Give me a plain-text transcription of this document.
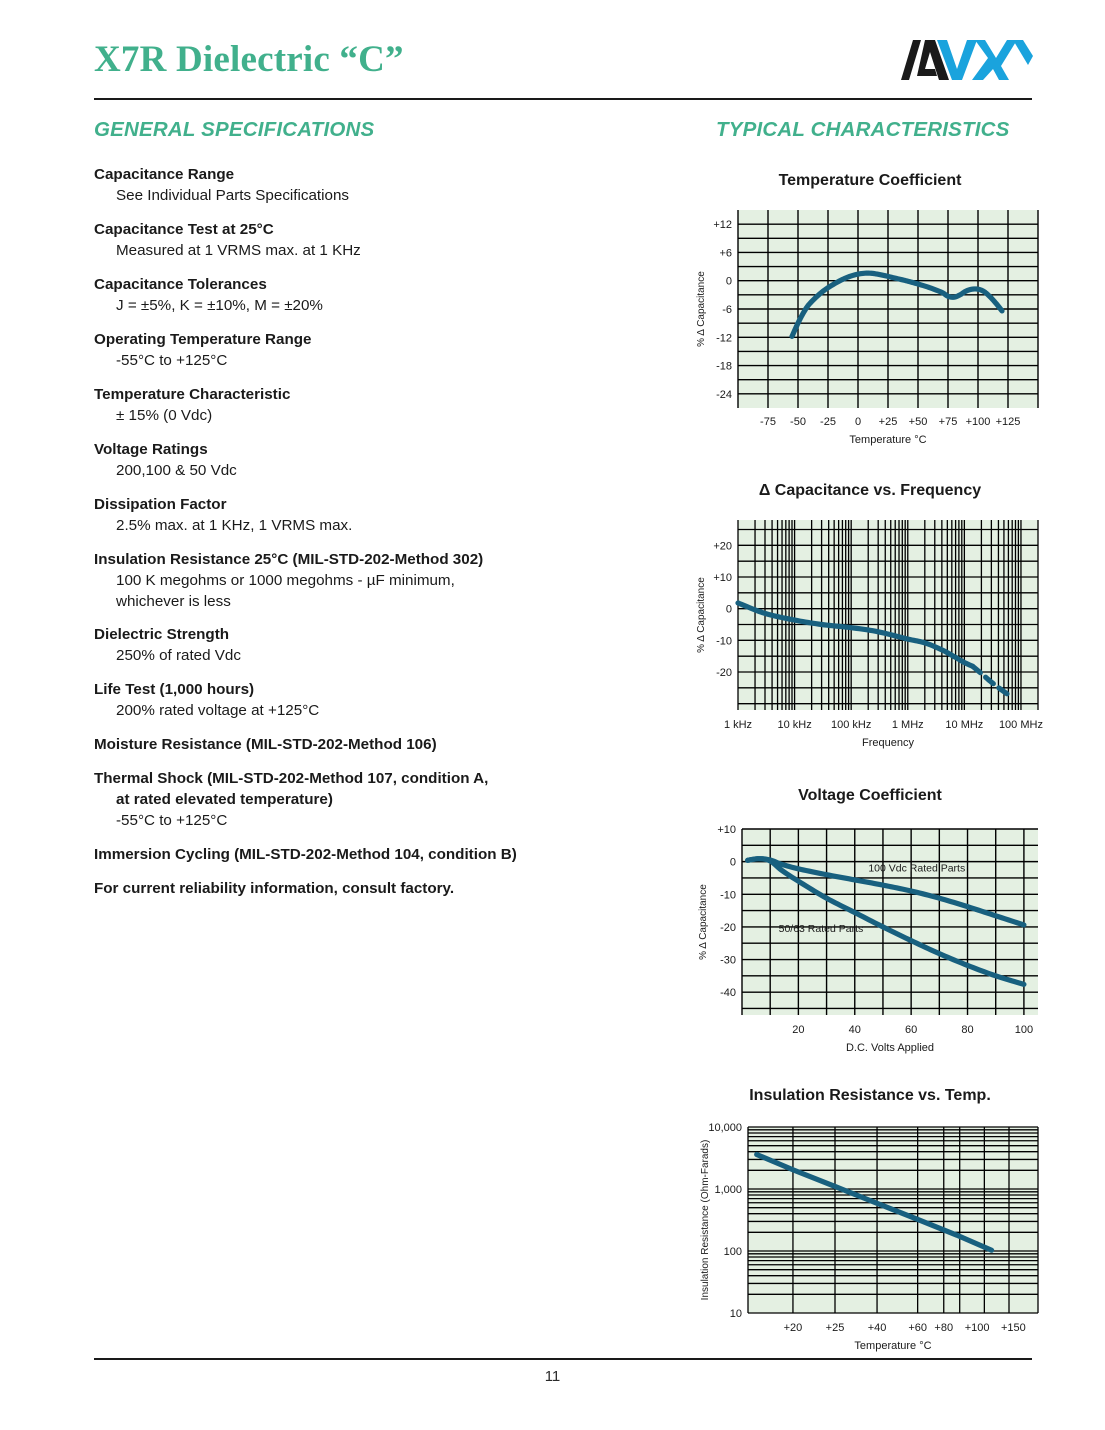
X7R Dielectric “C”
GENERAL SPECIFICATIONS	TYPICAL CHARACTERISTICS
Capacitance Range
See Individual Parts Specifications
Capacitance Test at 25°C
Measured at 1 VRMS max. at 1 KHz
Capacitance Tolerances
J = ±5%, K = ±10%, M = ±20%
Operating Temperature Range
-55°C to +125°C
Temperature Characteristic
± 15% (0 Vdc)
Voltage Ratings
200,100 & 50 Vdc
Dissipation Factor
2.5% max. at 1 KHz, 1 VRMS max.
Insulation Resistance 25°C (MIL-STD-202-Method 302)
100 K megohms or 1000 megohms - µF minimum,
whichever is less
Dielectric Strength
250% of rated Vdc
Life Test (1,000 hours)
200% rated voltage at +125°C
Moisture Resistance (MIL-STD-202-Method 106)
Thermal Shock (MIL-STD-202-Method 107, condition A,
at rated elevated temperature)
-55°C to +125°C
Immersion Cycling (MIL-STD-202-Method 104, condition B)
For current reliability information, consult factory.
Temperature Coefficient
+12
+6
0
-6
-12
-18
-24
-75 -50 -25 0 +25 +50 +75 +100 +125
Temperature °C
% Δ Capacitance
Δ Capacitance vs. Frequency
+20
+10
0
-10
-20
1 kHz 10 kHz 100 kHz 1 MHz 10 MHz 100 MHz
Frequency
% Δ Capacitance
Voltage Coefficient
+10
0
-10
-20
-30
-40
20	40	60	80	100
D.C. Volts Applied
% Δ Capacitance
100 Vdc Rated Parts
50/63 Rated Parts
Insulation Resistance vs. Temp.
10,000
1,000
100
10
+20 +25 +40 +60 +80 +100 +150
Temperature °C
Insulation Resistance (Ohm-Farads)
11
